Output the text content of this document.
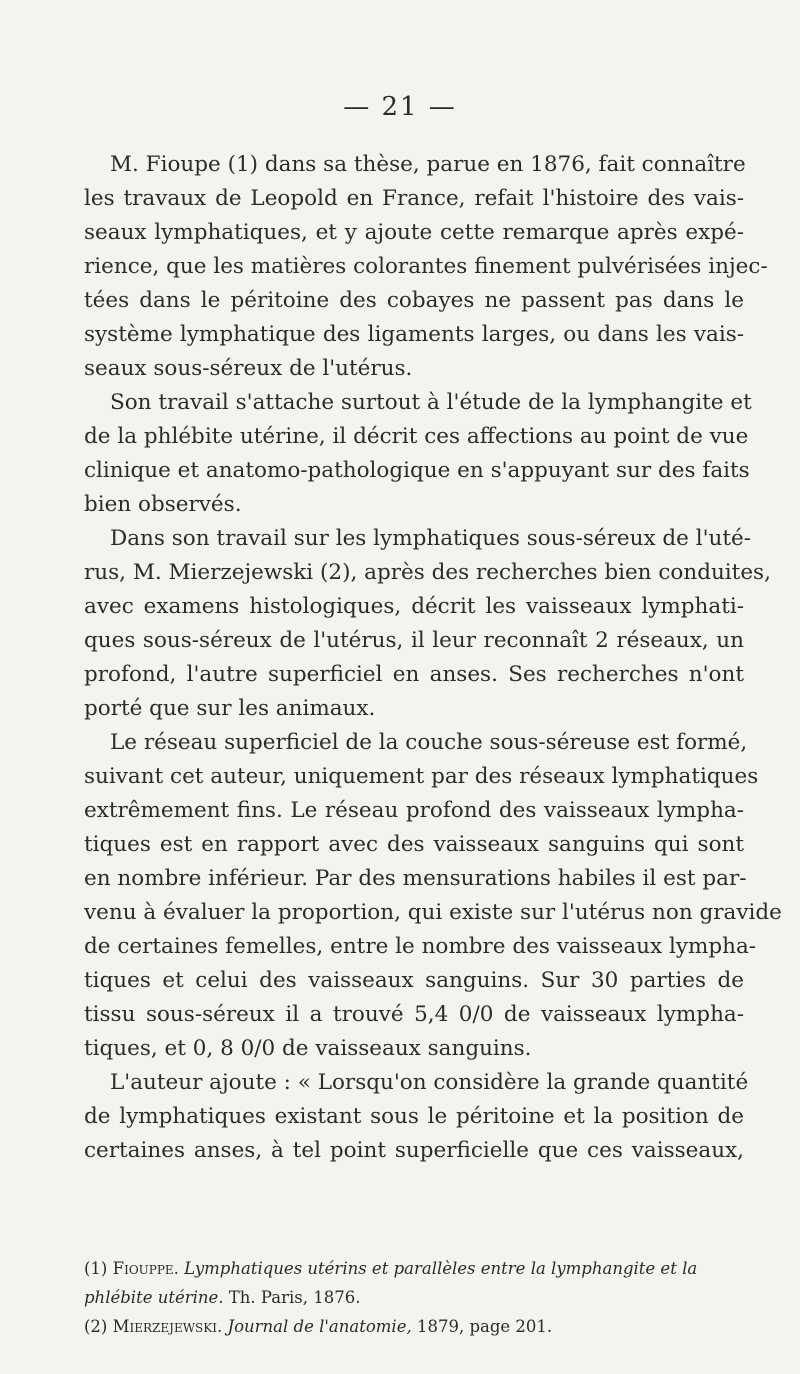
— 21 —
M. Fioupe (1) dans sa thèse, parue en 1876, fait connaître
les travaux de Leopold en France, refait l'histoire des vais-
seaux lymphatiques, et y ajoute cette remarque après expé-
rience, que les matières colorantes finement pulvérisées injec-
tées dans le péritoine des cobayes ne passent pas dans le
système lymphatique des ligaments larges, ou dans les vais-
seaux sous-séreux de l'utérus.
Son travail s'attache surtout à l'étude de la lymphangite et
de la phlébite utérine, il décrit ces affections au point de vue
clinique et anatomo-pathologique en s'appuyant sur des faits
bien observés.
Dans son travail sur les lymphatiques sous-séreux de l'uté-
rus, M. Mierzejewski (2), après des recherches bien conduites,
avec examens histologiques, décrit les vaisseaux lymphati-
ques sous-séreux de l'utérus, il leur reconnaît 2 réseaux, un
profond, l'autre superficiel en anses. Ses recherches n'ont
porté que sur les animaux.
Le réseau superficiel de la couche sous-séreuse est formé,
suivant cet auteur, uniquement par des réseaux lymphatiques
extrêmement fins. Le réseau profond des vaisseaux lympha-
tiques est en rapport avec des vaisseaux sanguins qui sont
en nombre inférieur. Par des mensurations habiles il est par-
venu à évaluer la proportion, qui existe sur l'utérus non gravide
de certaines femelles, entre le nombre des vaisseaux lympha-
tiques et celui des vaisseaux sanguins. Sur 30 parties de
tissu sous-séreux il a trouvé 5,4 0/0 de vaisseaux lympha-
tiques, et 0, 8 0/0 de vaisseaux sanguins.
L'auteur ajoute : « Lorsqu'on considère la grande quantité
de lymphatiques existant sous le péritoine et la position de
certaines anses, à tel point superficielle que ces vaisseaux,
(1) Fiouppe. Lymphatiques utérins et parallèles entre la lymphangite et la
phlébite utérine. Th. Paris, 1876.
(2) Mierzejewski. Journal de l'anatomie, 1879, page 201.
